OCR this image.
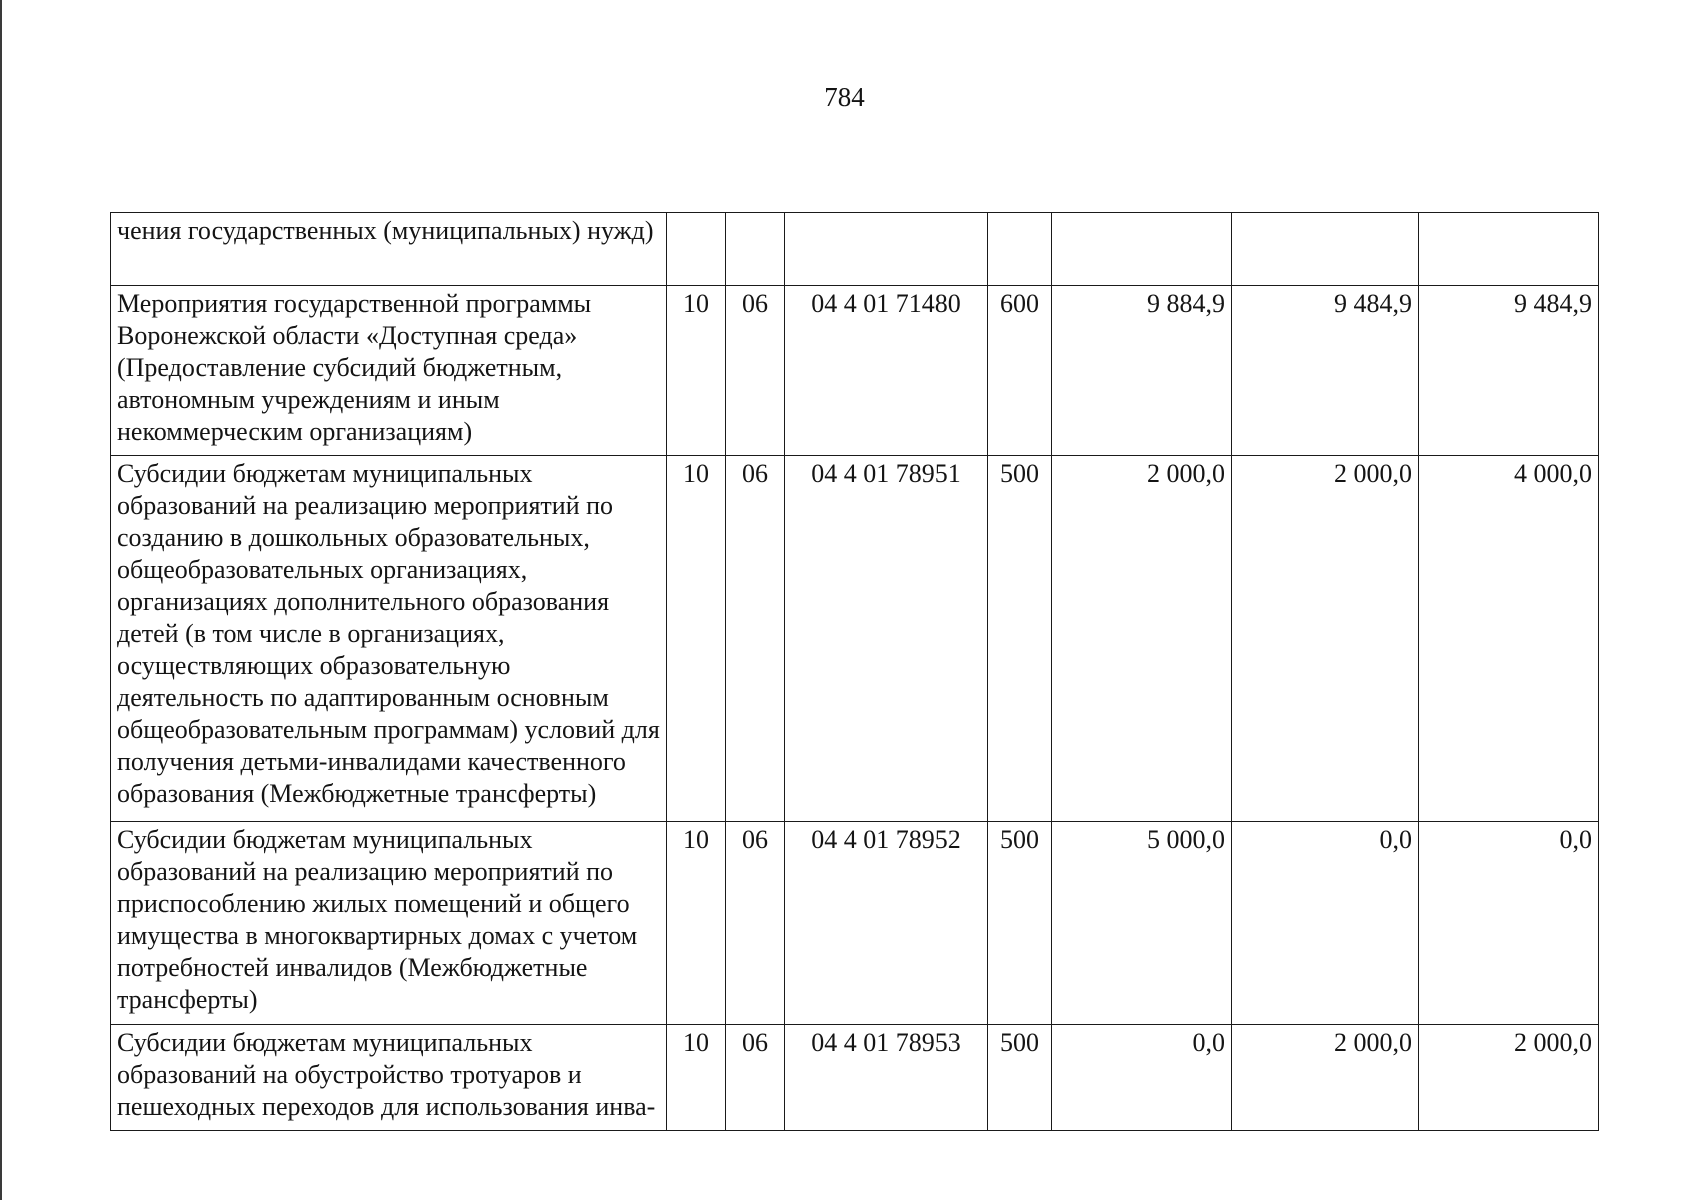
784
чения государственных (муниципальных) нужд)							
Мероприятия государственной программы Воронежской области «Доступная среда» (Предоставление субсидий бюджетным, автономным учреждениям и иным некоммерческим организациям)	10	06	04 4 01 71480	600	9 884,9	9 484,9	9 484,9
Субсидии бюджетам муниципальных образований на реализацию мероприятий по созданию в дошкольных образовательных, общеобразовательных организациях, организациях дополнительного образования детей (в том числе в организациях, осуществляющих образовательную деятельность по адаптированным основным общеобразовательным программам) условий для получения детьми-инвалидами качественного образования (Межбюджетные трансферты)	10	06	04 4 01 78951	500	2 000,0	2 000,0	4 000,0
Субсидии бюджетам муниципальных образований на реализацию мероприятий по приспособлению жилых помещений и общего имущества в многоквартирных домах с учетом потребностей инвалидов (Межбюджетные трансферты)	10	06	04 4 01 78952	500	5 000,0	0,0	0,0
Субсидии бюджетам муниципальных образований на обустройство тротуаров и пешеходных переходов для использования инва-	10	06	04 4 01 78953	500	0,0	2 000,0	2 000,0
